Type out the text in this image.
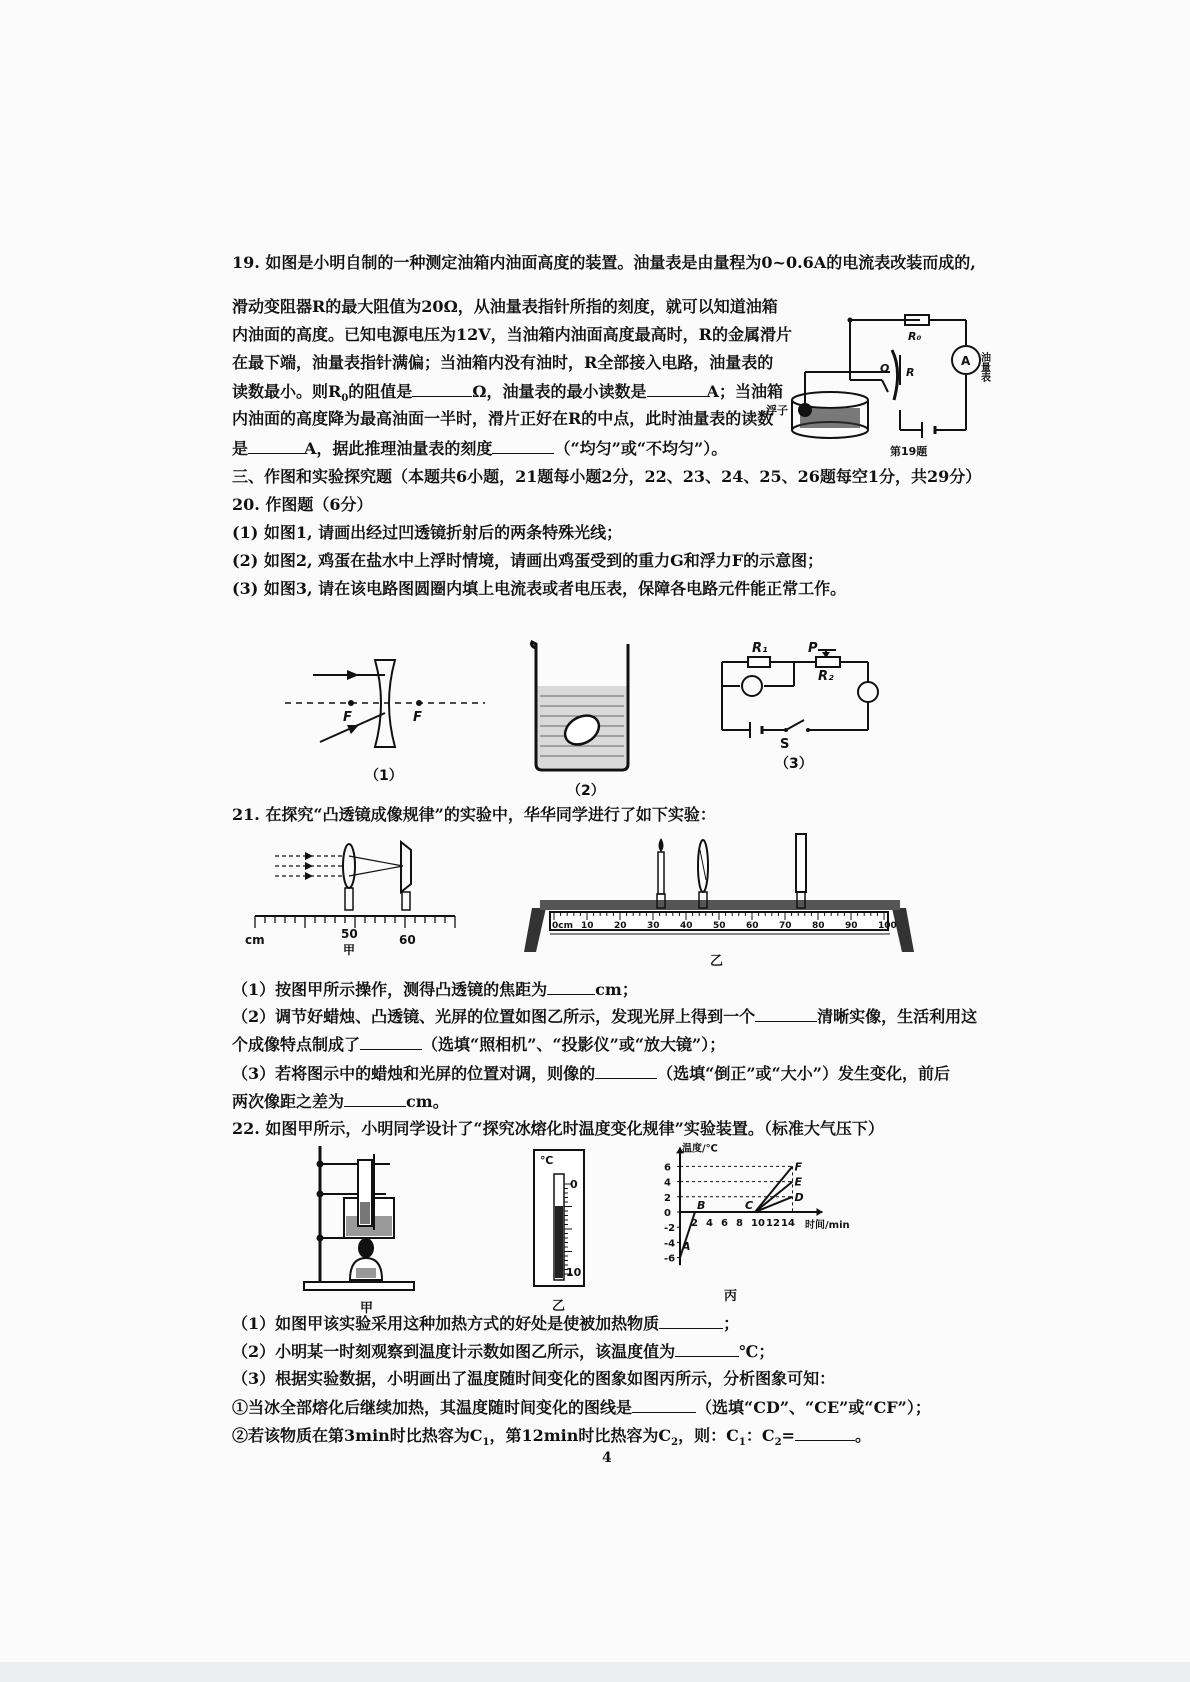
19. 如图是小明自制的一种测定油箱内油面高度的装置。油量表是由量程为0~0.6A的电流表改装而成的,
滑动变阻器R的最大阻值为20Ω，从油量表指针所指的刻度，就可以知道油箱
内油面的高度。已知电源电压为12V，当油箱内油面高度最高时，R的金属滑片
在最下端，油量表指针满偏；当油箱内没有油时，R全部接入电路，油量表的
读数最小。则$R_0$的阻值是	Ω，油量表的最小读数是	A；当油箱
内油面的高度降为最高油面一半时，滑片正好在R的中点，此时油量表的读数
是	A，据此推理油量表的刻度	（“均匀”或“不均匀”）。
R₀
A 油量表
O R
浮子
第19题
三、作图和实验探究题（本题共6小题，21题每小题2分，22、23、24、25、26题每空1分，共29分）
20. 作图题（6分）
(1) 如图1, 请画出经过凹透镜折射后的两条特殊光线；
(2) 如图2, 鸡蛋在盐水中上浮时情境，请画出鸡蛋受到的重力G和浮力F的示意图；
(3) 如图3, 请在该电路图圆圈内填上电流表或者电压表，保障各电路元件能正常工作。
F	F
（1）
（2）
R₁
R₂
P
S
（3）
21. 在探究“凸透镜成像规律”的实验中，华华同学进行了如下实验：
cm	50	60
甲
0cm 10 20 30 40 50 60 70 80 90 100
乙
（1）按图甲所示操作，测得凸透镜的焦距为	cm；
（2）调节好蜡烛、凸透镜、光屏的位置如图乙所示，发现光屏上得到一个	清晰实像，生活利用这
个成像特点制成了	（选填“照相机”、“投影仪”或“放大镜”）；
（3）若将图示中的蜡烛和光屏的位置对调，则像的	（选填“倒正”或“大小”）发生变化，前后
两次像距之差为	cm。
22. 如图甲所示，小明同学设计了“探究冰熔化时温度变化规律”实验装置。（标准大气压下）
甲
℃
0
10
乙
6
4
2
0
-2
-4
-6
2 4 6 8 10 12 14
温度/℃
时间/min
A
B	C
D
E
F
丙
（1）如图甲该实验采用这种加热方式的好处是使被加热物质	；
（2）小明某一时刻观察到温度计示数如图乙所示，该温度值为	℃；
（3）根据实验数据，小明画出了温度随时间变化的图象如图丙所示，分析图象可知：
①当冰全部熔化后继续加热，其温度随时间变化的图线是	（选填“CD”、“CE”或“CF”）；
②若该物质在第3min时比热容为$C_1$，第12min时比热容为$C_2$，则：$C_1$：$C_2=$	。
4
